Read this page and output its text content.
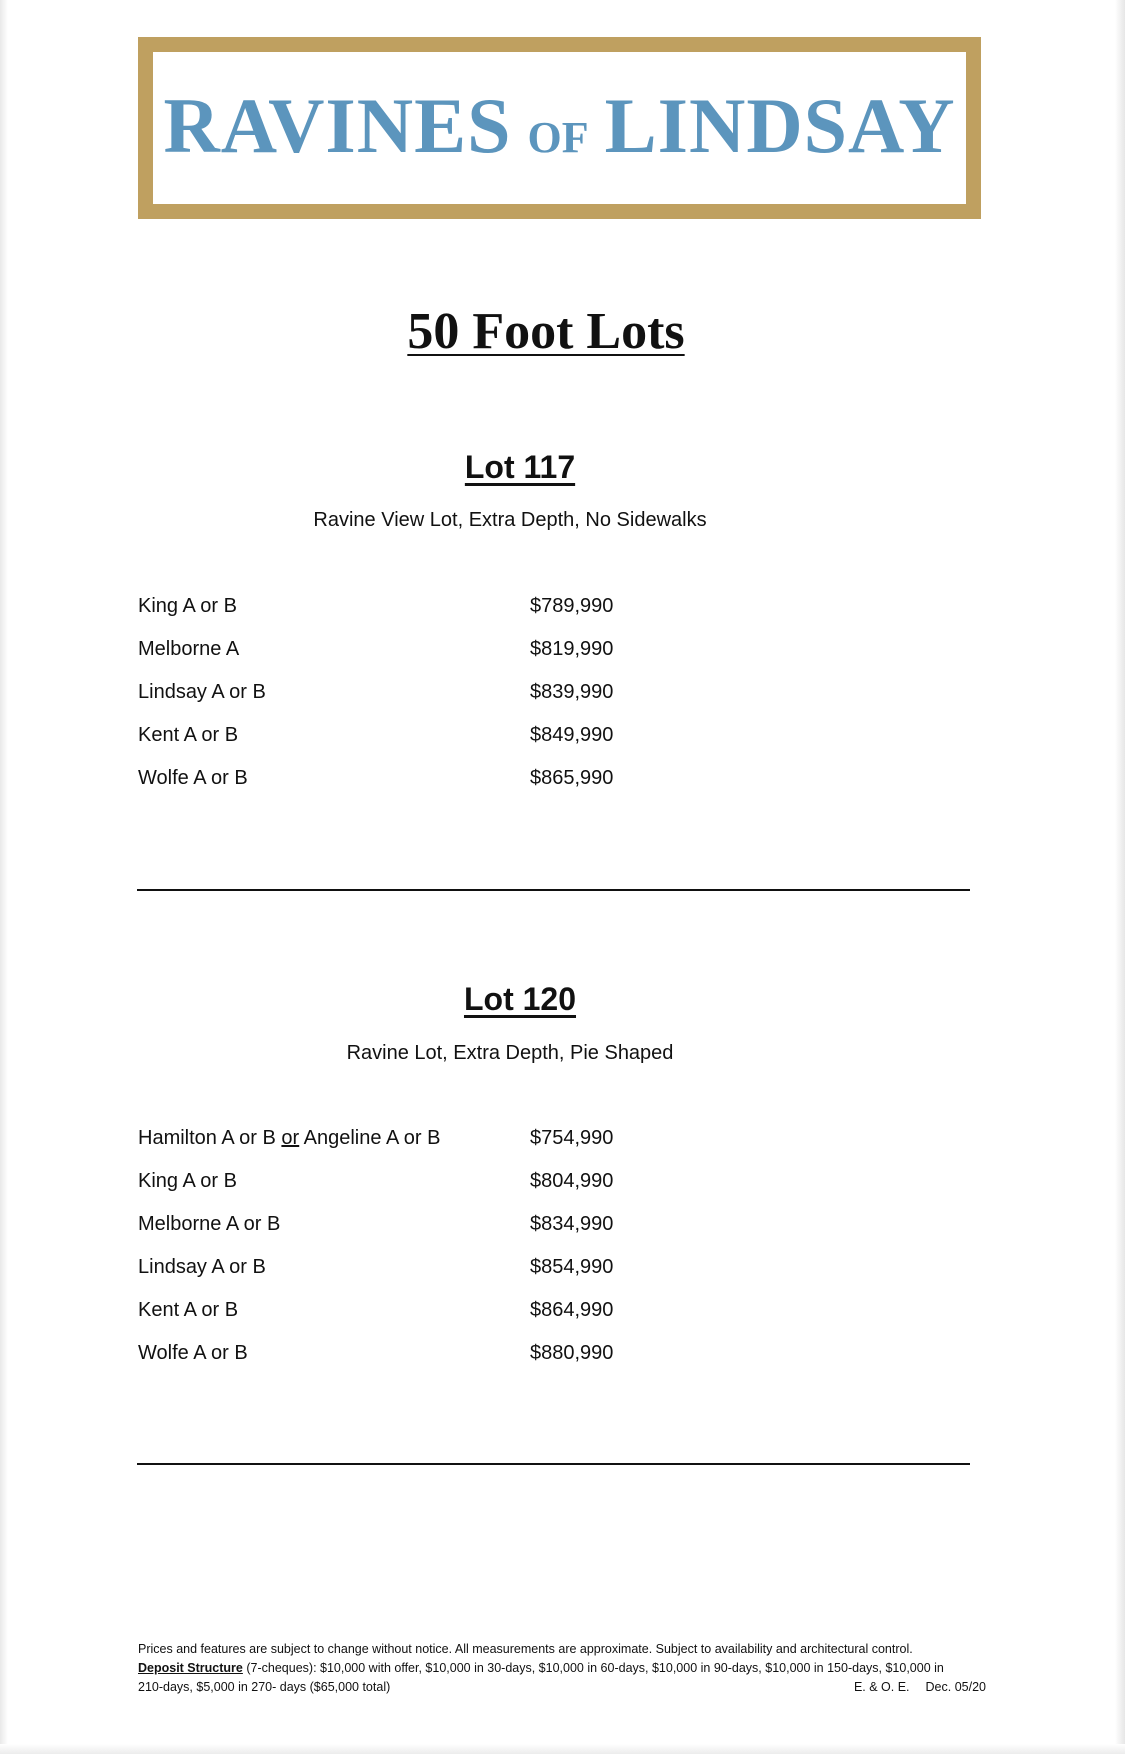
RAVINES OF LINDSAY
50 Foot Lots
Lot 117
Ravine View Lot, Extra Depth, No Sidewalks
King A or B	$789,990
Melborne A	$819,990
Lindsay A or B	$839,990
Kent A or B	$849,990
Wolfe A or B	$865,990
Lot 120
Ravine Lot, Extra Depth, Pie Shaped
Hamilton A or B or Angeline A or B	$754,990
King A or B	$804,990
Melborne A or B	$834,990
Lindsay A or B	$854,990
Kent A or B	$864,990
Wolfe A or B	$880,990
Prices and features are subject to change without notice. All measurements are approximate. Subject to availability and architectural control.
Deposit Structure (7-cheques): $10,000 with offer, $10,000 in 30-days, $10,000 in 60-days, $10,000 in 90-days, $10,000 in 150-days, $10,000 in
210-days, $5,000 in 270- days ($65,000 total)	E. & O. E. Dec. 05/20
